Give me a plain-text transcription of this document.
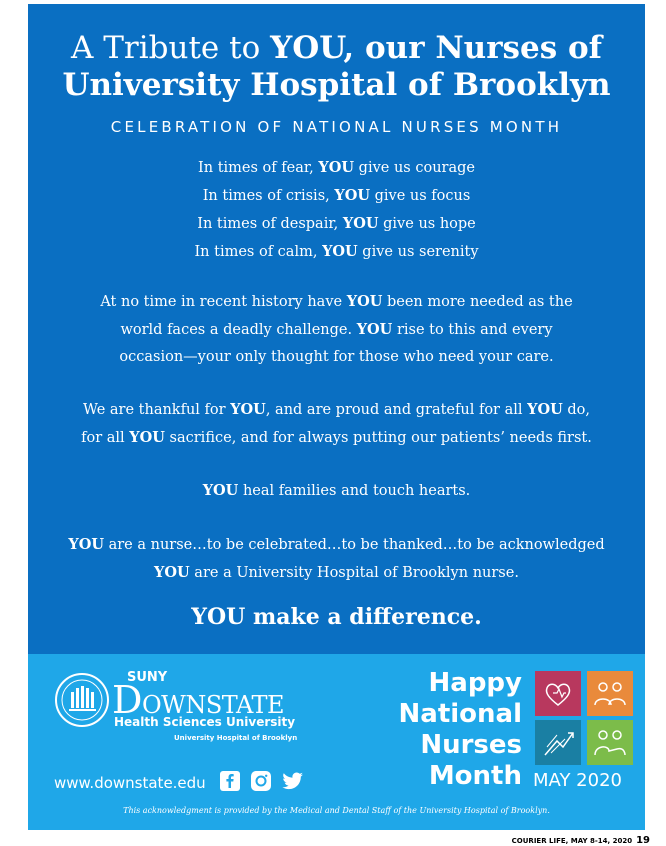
A Tribute to YOU, our Nurses of
University Hospital of Brooklyn
CELEBRATION OF NATIONAL NURSES MONTH
In times of fear, YOU give us courage
In times of crisis, YOU give us focus
In times of despair, YOU give us hope
In times of calm, YOU give us serenity
At no time in recent history have YOU been more needed as the
world faces a deadly challenge. YOU rise to this and every
occasion—your only thought for those who need your care.
We are thankful for YOU, and are proud and grateful for all YOU do,
for all YOU sacrifice, and for always putting our patients’ needs first.
YOU heal families and touch hearts.
YOU are a nurse…to be celebrated…to be thanked…to be acknowledged
YOU are a University Hospital of Brooklyn nurse.
YOU make a difference.
SUNY
DOWNSTATE
Health Sciences University
University Hospital of Brooklyn
www.downstate.edu
Happy
National
Nurses
Month MAY 2020
This acknowledgment is provided by the Medical and Dental Staff of the University Hospital of Brooklyn.
COURIER LIFE, MAY 8-14, 2020 19
